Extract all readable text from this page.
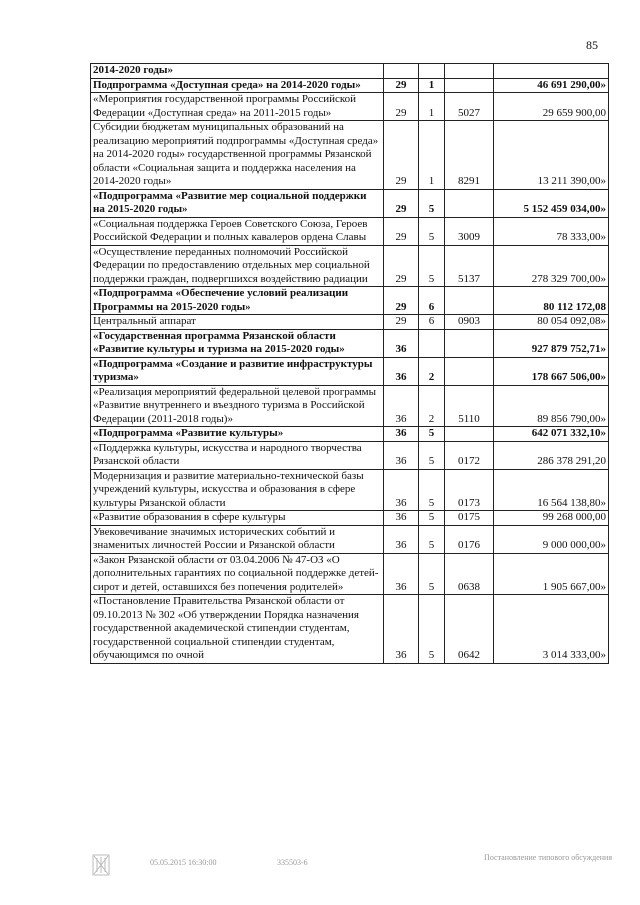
85
2014-2020 годы»				
Подпрограмма «Доступная среда» на 2014-2020 годы»	29	1		46 691 290,00»
«Мероприятия государственной программы Российской Федерации «Доступная среда» на 2011-2015 годы»	29	1	5027	29 659 900,00
Субсидии бюджетам муниципальных образований на реализацию мероприятий подпрограммы «Доступная среда» на 2014-2020 годы» государственной программы Рязанской области «Социальная защита и поддержка населения на 2014-2020 годы»	29	1	8291	13 211 390,00»
«Подпрограмма «Развитие мер социальной поддержки на 2015-2020 годы»	29	5		5 152 459 034,00»
«Социальная поддержка Героев Советского Союза, Героев Российской Федерации и полных кавалеров ордена Славы	29	5	3009	78 333,00»
«Осуществление переданных полномочий Российской Федерации по предоставлению отдельных мер социальной поддержки граждан, подвергшихся воздействию радиации	29	5	5137	278 329 700,00»
«Подпрограмма «Обеспечение условий реализации Программы на 2015-2020 годы»	29	6		80 112 172,08
Центральный аппарат	29	6	0903	80 054 092,08»
«Государственная программа Рязанской области «Развитие культуры и туризма на 2015-2020 годы»	36			927 879 752,71»
«Подпрограмма «Создание и развитие инфраструктуры туризма»	36	2		178 667 506,00»
«Реализация мероприятий федеральной целевой программы «Развитие внутреннего и въездного туризма в Российской Федерации (2011-2018 годы)»	36	2	5110	89 856 790,00»
«Подпрограмма «Развитие культуры»	36	5		642 071 332,10»
«Поддержка культуры, искусства и народного творчества Рязанской области	36	5	0172	286 378 291,20
Модернизация и развитие материально-технической базы учреждений культуры, искусства и образования в сфере культуры Рязанской области	36	5	0173	16 564 138,80»
«Развитие образования в сфере культуры	36	5	0175	99 268 000,00
Увековечивание значимых исторических событий и знаменитых личностей России и Рязанской области	36	5	0176	9 000 000,00»
«Закон Рязанской области от 03.04.2006 № 47-ОЗ «О дополнительных гарантиях по социальной поддержке детей-сирот и детей, оставшихся без попечения родителей»	36	5	0638	1 905 667,00»
«Постановление Правительства Рязанской области от 09.10.2013 № 302 «Об утверждении Порядка назначения государственной академической стипендии студентам, государственной социальной стипендии студентам, обучающимся по очной	36	5	0642	3 014 333,00»
05.05.2015 16:30:00	335503-6
Постановление типового обсуждения
